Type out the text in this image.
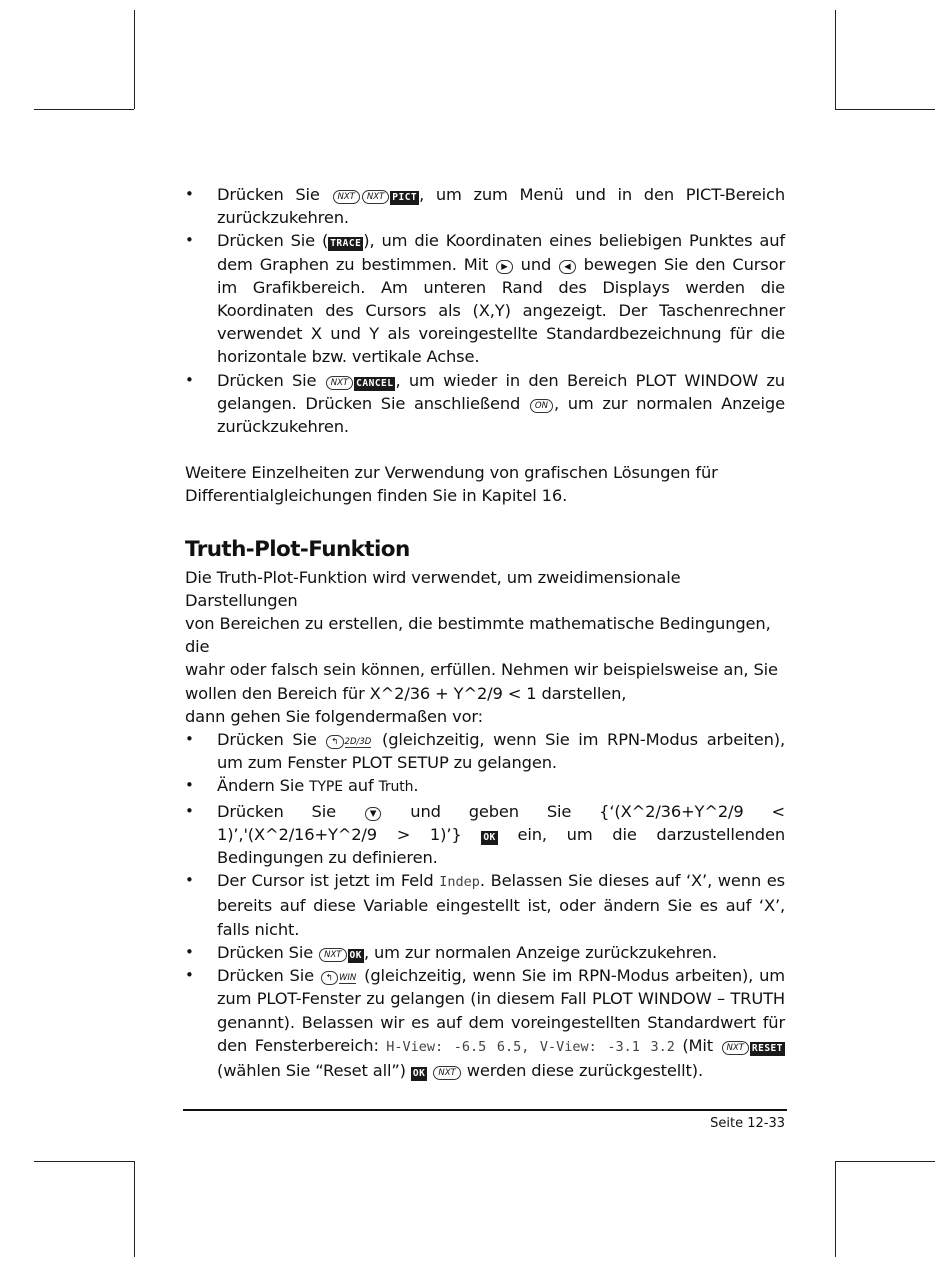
• Drücken Sie NXT NXT PICT , um zum Menü und in den PICT-Bereich zurückzukehren.
• Drücken Sie ( TRACE ), um die Koordinaten eines beliebigen Punktes auf dem Graphen zu bestimmen. Mit ▶ und ◀ bewegen Sie den Cursor im Grafikbereich. Am unteren Rand des Displays werden die Koordinaten des Cursors als (X,Y) angezeigt. Der Taschenrechner verwendet X und Y als voreingestellte Standardbezeichnung für die horizontale bzw. vertikale Achse.
• Drücken Sie NXT CANCEL , um wieder in den Bereich PLOT WINDOW zu gelangen. Drücken Sie anschließend ON , um zur normalen Anzeige zurückzukehren.

Weitere Einzelheiten zur Verwendung von grafischen Lösungen für Differentialgleichungen finden Sie in Kapitel 16.

Truth-Plot-Funktion
Die Truth-Plot-Funktion wird verwendet, um zweidimensionale Darstellungen
von Bereichen zu erstellen, die bestimmte mathematische Bedingungen, die
wahr oder falsch sein können, erfüllen. Nehmen wir beispielsweise an, Sie
wollen den Bereich für X^2/36 + Y^2/9 < 1 darstellen,
dann gehen Sie folgendermaßen vor:
• Drücken Sie ↰ 2D/3D (gleichzeitig, wenn Sie im RPN-Modus arbeiten), um zum Fenster PLOT SETUP zu gelangen.
• Ändern Sie TYPE auf Truth.
• Drücken Sie ▼ und geben Sie {‘(X^2/36+Y^2/9 < 1)’,'(X^2/16+Y^2/9 > 1)’} OK ein, um die darzustellenden Bedingungen zu definieren.
• Der Cursor ist jetzt im Feld Indep. Belassen Sie dieses auf ‘X’, wenn es bereits auf diese Variable eingestellt ist, oder ändern Sie es auf ‘X’, falls nicht.
• Drücken Sie NXT OK , um zur normalen Anzeige zurückzukehren.
• Drücken Sie ↰ WIN (gleichzeitig, wenn Sie im RPN-Modus arbeiten), um zum PLOT-Fenster zu gelangen (in diesem Fall PLOT WINDOW – TRUTH genannt). Belassen wir es auf dem voreingestellten Standardwert für den Fensterbereich: H-View: -6.5 6.5, V-View: -3.1 3.2 (Mit NXT RESET (wählen Sie “Reset all”) OK NXT werden diese zurückgestellt).
Seite 12-33
